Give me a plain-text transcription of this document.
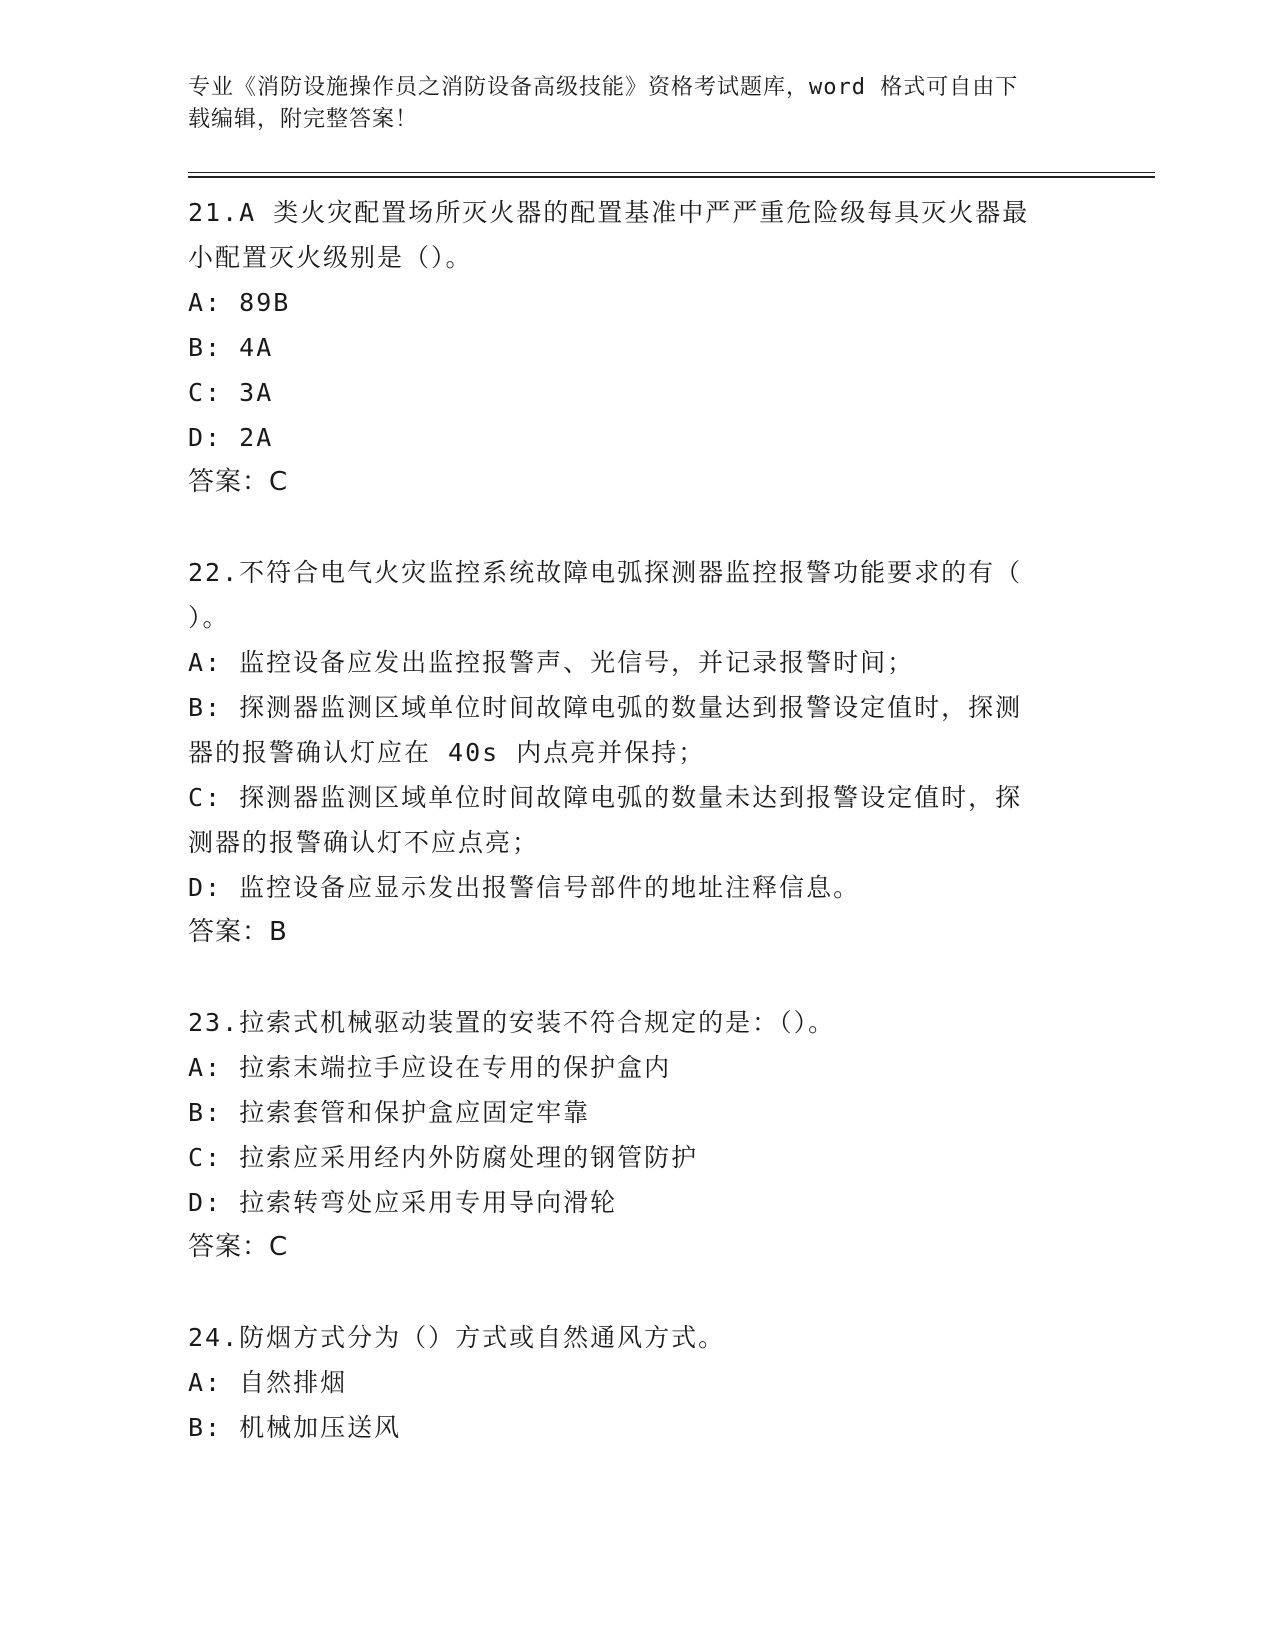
专业《消防设施操作员之消防设备高级技能》资格考试题库，word 格式可自由下
载编辑，附完整答案！

21.A 类火灾配置场所灭火器的配置基准中严严重危险级每具灭火器最

小配置灭火级别是（）。

A: 89B

B: 4A

C: 3A

D: 2A

答案：C

22.不符合电气火灾监控系统故障电弧探测器监控报警功能要求的有（

）。

A: 监控设备应发出监控报警声、光信号，并记录报警时间；

B: 探测器监测区域单位时间故障电弧的数量达到报警设定值时，探测

器的报警确认灯应在 40s 内点亮并保持；

C: 探测器监测区域单位时间故障电弧的数量未达到报警设定值时，探

测器的报警确认灯不应点亮；

D: 监控设备应显示发出报警信号部件的地址注释信息。

答案：B

23.拉索式机械驱动装置的安装不符合规定的是：（）。

A: 拉索末端拉手应设在专用的保护盒内

B: 拉索套管和保护盒应固定牢靠

C: 拉索应采用经内外防腐处理的钢管防护

D: 拉索转弯处应采用专用导向滑轮

答案：C

24.防烟方式分为（）方式或自然通风方式。

A: 自然排烟

B: 机械加压送风
